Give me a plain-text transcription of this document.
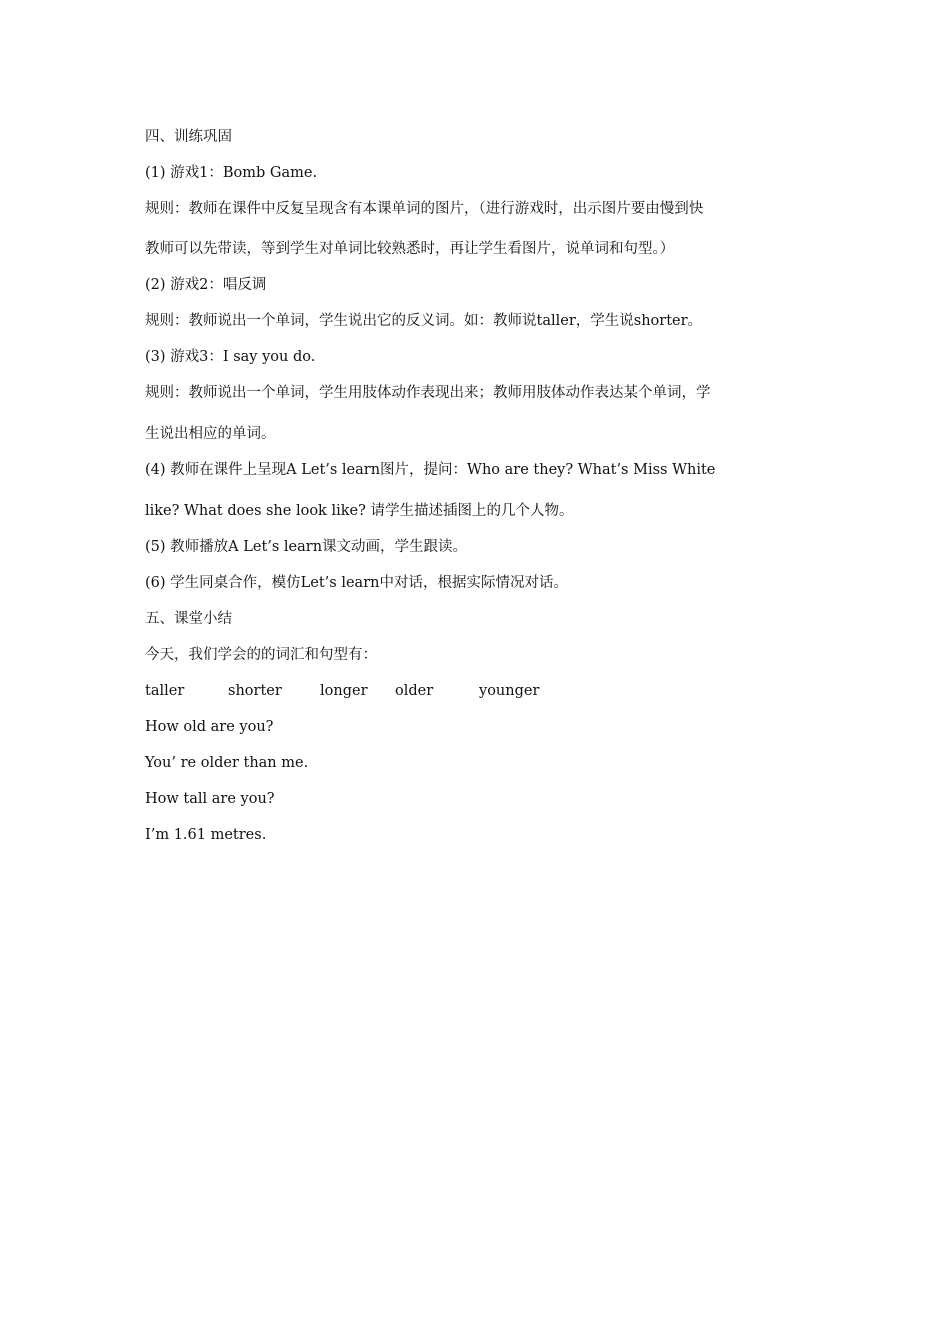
四、训练巩固
(1) 游戏1：Bomb Game.
规则：教师在课件中反复呈现含有本课单词的图片，（进行游戏时，出示图片要由慢到快
教师可以先带读，等到学生对单词比较熟悉时，再让学生看图片，说单词和句型。）
(2) 游戏2：唱反调
规则：教师说出一个单词，学生说出它的反义词。如：教师说taller，学生说shorter。
(3) 游戏3：I say you do.
规则：教师说出一个单词，学生用肢体动作表现出来；教师用肢体动作表达某个单词，学
生说出相应的单词。
(4) 教师在课件上呈现A Let’s learn图片，提问：Who are they? What’s Miss White
like? What does she look like? 请学生描述插图上的几个人物。
(5) 教师播放A Let’s learn课文动画，学生跟读。
(6) 学生同桌合作，模仿Let’s learn中对话，根据实际情况对话。
五、课堂小结
今天，我们学会的的词汇和句型有：

taller

	shorter

	longer

older

	younger

How old are you?
You’ re older than me.
How tall are you?
I’m 1.61 metres.
